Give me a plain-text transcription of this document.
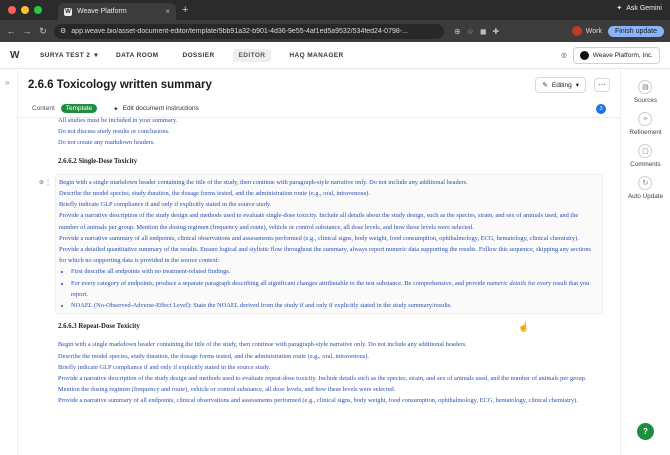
W Weave Platform	× +	✦ Ask Gemini
← → ↻ ⚙ app.weave.bio/asset-document-editor/template/9bb91a32-b901-4d36-9e55-4af1ed5a9532/534fed24-0798-...	⊕ ☆ ◼ ✚	Work	Finish update
W	SURYA TEST 2 ▾	DATA ROOM	DOSSIER	EDITOR	HAQ MANAGER	◎	Weave Platform, Inc.
» 2.6.6 Toxicology written summary	✎ Editing ▾	⋯
Content	Template	✦ Edit document instructions	3

All studies must be included in your summary.

Do not discuss study results or conclusions.

Do not create any markdown headers.

2.6.6.2 Single-Dose Toxicity
⊕ ⋮ Begin with a single markdown header containing the title of the study, then continue with paragraph-style narrative only. Do not include any additional headers.

Describe the model species, study duration, the dosage forms tested, and the administration route (e.g., oral, intravenous).

Briefly indicate GLP compliance if and only if explicitly stated in the source study.

Provide a narrative description of the study design and methods used to evaluate single-dose toxicity. Include all details about the study design, such as the species, strain, and sex of animals used, and the number of animals per group. Mention the dosing regimen (frequency and route), vehicle or control substance, all dose levels, and how these levels were selected.

Provide a narrative summary of all endpoints, clinical observations and assessments performed (e.g., clinical signs, body weight, food consumption, ophthalmology, ECG, hematology, clinical chemistry).

Provide a detailed quantitative summary of the results. Ensure logical and stylistic flow throughout the summary, always report numeric data supporting the results. Follow this sequence, skipping any sections for which no supporting data is provided in the source context:

• First describe all endpoints with no treatment-related findings.
• For every category of endpoints, produce a separate paragraph describing all significant changes attributable to the test substance. Be comprehensive, and provide numeric details for every result that you report.
• NOAEL (No-Observed-Adverse-Effect Level): State the NOAEL derived from the study if and only if explicitly stated in the study summary/results.
2.6.6.3 Repeat-Dose Toxicity

Begin with a single markdown header containing the title of the study, then continue with paragraph-style narrative only. Do not include any additional headers.

Describe the model species, study duration, the dosage forms tested, and the administration route (e.g., oral, intravenous).

Briefly indicate GLP compliance if and only if explicitly stated in the source study.

Provide a narrative description of the study design and methods used to evaluate repeat-dose toxicity. Include details such as the species, strain, and sex of animals used, and the number of animals per group. Mention the dosing regimen (frequency and route), vehicle or control substance, all dose levels, and how these levels were selected.

Provide a narrative summary of all endpoints, clinical observations and assessments performed (e.g., clinical signs, body weight, food consumption, ophthalmology, ECG, hematology, clinical chemistry).

▤
Sources
✧
Refinement
▢
Comments
↻
Auto Update
?
☝
